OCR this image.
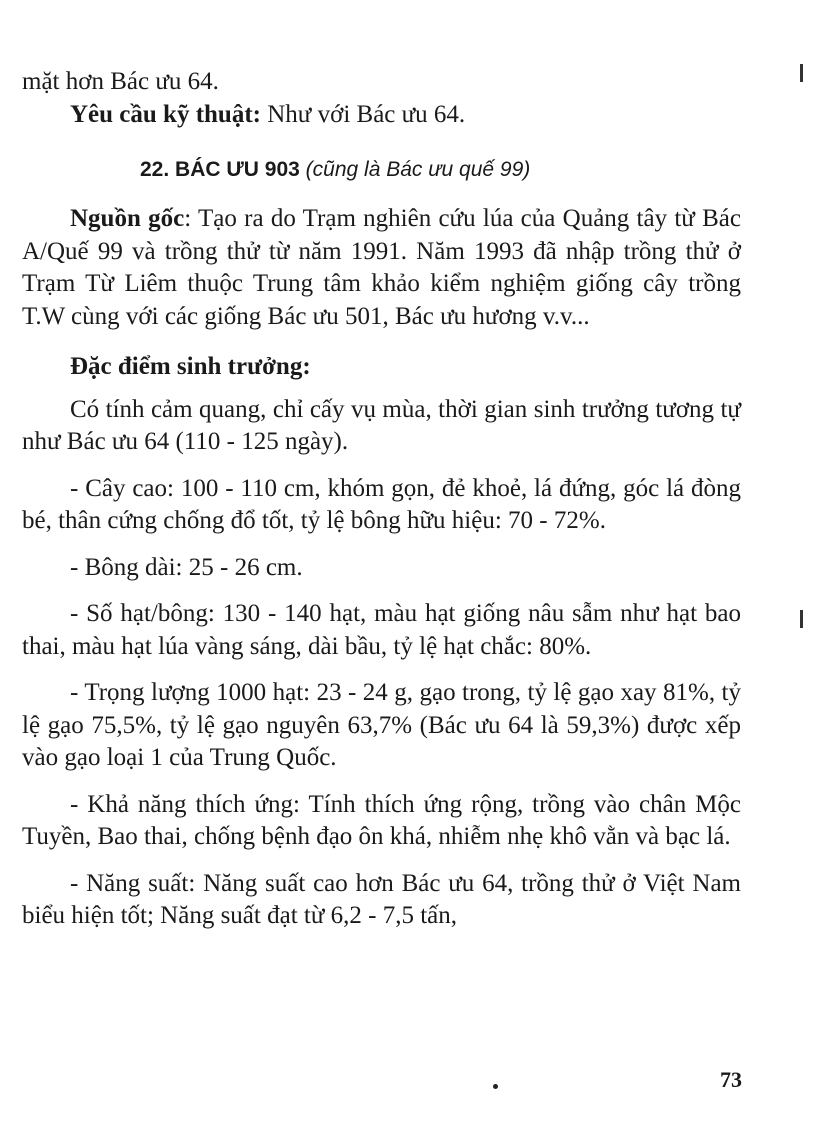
mặt hơn Bác ưu 64.

Yêu cầu kỹ thuật: Như với Bác ưu 64.

22. BÁC ƯU 903 (cũng là Bác ưu quế 99)

Nguồn gốc: Tạo ra do Trạm nghiên cứu lúa của Quảng tây từ Bác A/Quế 99 và trồng thử từ năm 1991. Năm 1993 đã nhập trồng thử ở Trạm Từ Liêm thuộc Trung tâm khảo kiểm nghiệm giống cây trồng T.W cùng với các giống Bác ưu 501, Bác ưu hương v.v...

Đặc điểm sinh trưởng:

Có tính cảm quang, chỉ cấy vụ mùa, thời gian sinh trưởng tương tự như Bác ưu 64 (110 - 125 ngày).

- Cây cao: 100 - 110 cm, khóm gọn, đẻ khoẻ, lá đứng, góc lá đòng bé, thân cứng chống đổ tốt, tỷ lệ bông hữu hiệu: 70 - 72%.

- Bông dài: 25 - 26 cm.

- Số hạt/bông: 130 - 140 hạt, màu hạt giống nâu sẫm như hạt bao thai, màu hạt lúa vàng sáng, dài bầu, tỷ lệ hạt chắc: 80%.

- Trọng lượng 1000 hạt: 23 - 24 g, gạo trong, tỷ lệ gạo xay 81%, tỷ lệ gạo 75,5%, tỷ lệ gạo nguyên 63,7% (Bác ưu 64 là 59,3%) được xếp vào gạo loại 1 của Trung Quốc.

- Khả năng thích ứng: Tính thích ứng rộng, trồng vào chân Mộc Tuyền, Bao thai, chống bệnh đạo ôn khá, nhiễm nhẹ khô vằn và bạc lá.

- Năng suất: Năng suất cao hơn Bác ưu 64, trồng thử ở Việt Nam biểu hiện tốt; Năng suất đạt từ 6,2 - 7,5 tấn,

73
